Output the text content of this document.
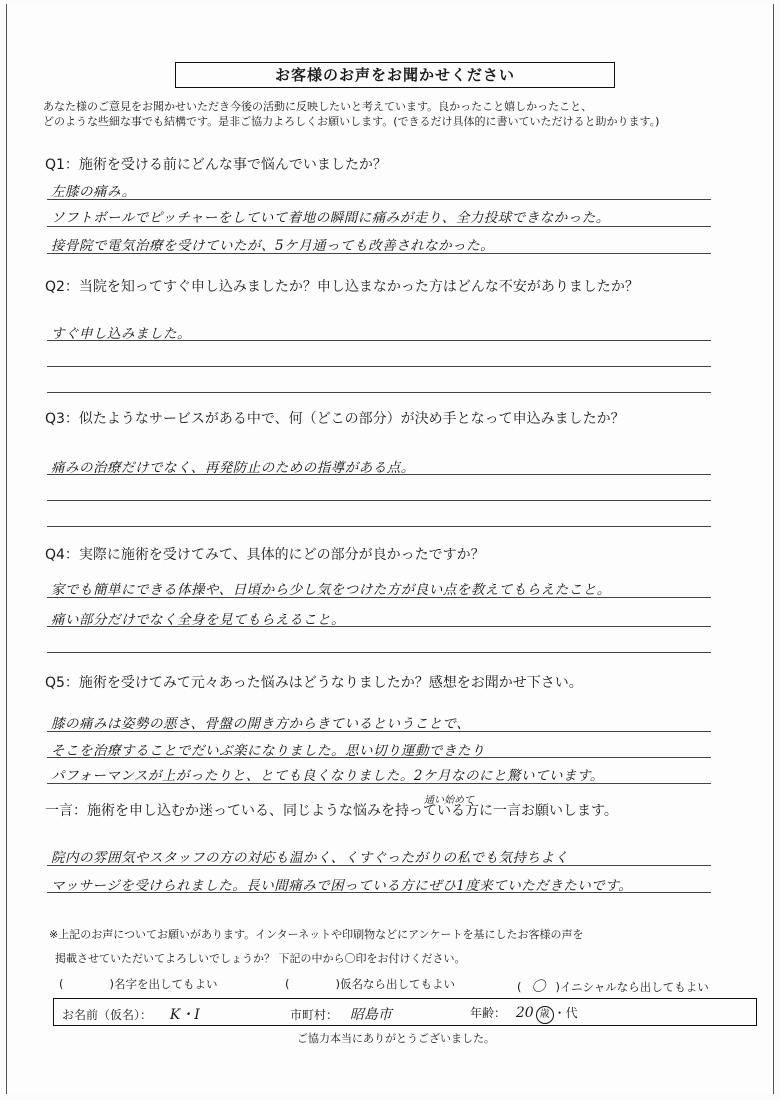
お客様のお声をお聞かせください
あなた様のご意見をお聞かせいただき今後の活動に反映したいと考えています。良かったこと嬉しかったこと、
どのような些細な事でも結構です。是非ご協力よろしくお願いします。(できるだけ具体的に書いていただけると助かります。)
Q1：施術を受ける前にどんな事で悩んでいましたか？
左膝の痛み。
ソフトボールでピッチャーをしていて着地の瞬間に痛みが走り、全力投球できなかった。
接骨院で電気治療を受けていたが、5ケ月通っても改善されなかった。
Q2：当院を知ってすぐ申し込みましたか？申し込まなかった方はどんな不安がありましたか？
すぐ申し込みました。
Q3：似たようなサービスがある中で、何（どこの部分）が決め手となって申込みましたか？
痛みの治療だけでなく、再発防止のための指導がある点。
Q4：実際に施術を受けてみて、具体的にどの部分が良かったですか？
家でも簡単にできる体操や、日頃から少し気をつけた方が良い点を教えてもらえたこと。
痛い部分だけでなく全身を見てもらえること。
Q5：施術を受けてみて元々あった悩みはどうなりましたか？感想をお聞かせ下さい。
膝の痛みは姿勢の悪さ、骨盤の開き方からきているということで、
そこを治療することでだいぶ楽になりました。思い切り運動できたり
パフォーマンスが上がったりと、とても良くなりました。2ケ月なのにと驚いています。
通い始めて
一言：施術を申し込むか迷っている、同じような悩みを持っている方に一言お願いします。
院内の雰囲気やスタッフの方の対応も温かく、くすぐったがりの私でも気持ちよく
マッサージを受けられました。長い間痛みで困っている方にぜひ1度来ていただきたいです。
※上記のお声についてお願いがあります。インターネットや印刷物などにアンケートを基にしたお客様の声を
掲載させていただいてよろしいでしょうか？ 下記の中から〇印をお付けください。
(	)名字を出してもよい	(	)仮名なら出してもよい	( 〇 )イニシャルなら出してもよい
お名前（仮名）： K・I	市町村： 昭島市	年齢： 20 歳 ・代
ご協力本当にありがとうございました。
